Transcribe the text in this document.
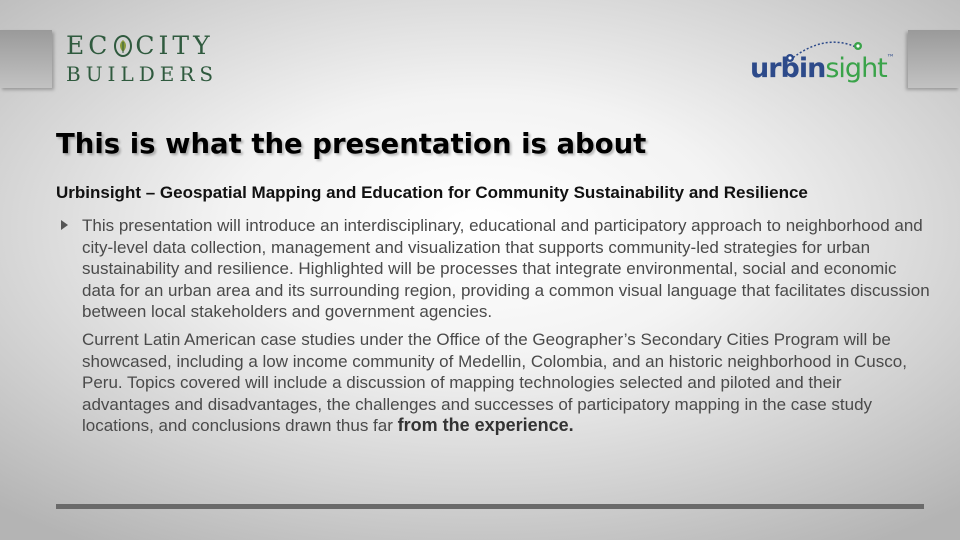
EC CITY
BUILDERS	urbinsight™
This is what the presentation is about
Urbinsight – Geospatial Mapping and Education for Community Sustainability and Resilience

This presentation will introduce an interdisciplinary, educational and participatory approach to neighborhood and city-level data collection, management and visualization that supports community-led strategies for urban sustainability and resilience. Highlighted will be processes that integrate environmental, social and economic data for an urban area and its surrounding region, providing a common visual language that facilitates discussion between local stakeholders and government agencies.

Current Latin American case studies under the Office of the Geographer’s Secondary Cities Program will be showcased, including a low income community of Medellin, Colombia, and an historic neighborhood in Cusco, Peru. Topics covered will include a discussion of mapping technologies selected and piloted and their advantages and disadvantages, the challenges and successes of participatory mapping in the case study locations, and conclusions drawn thus far from the experience.
